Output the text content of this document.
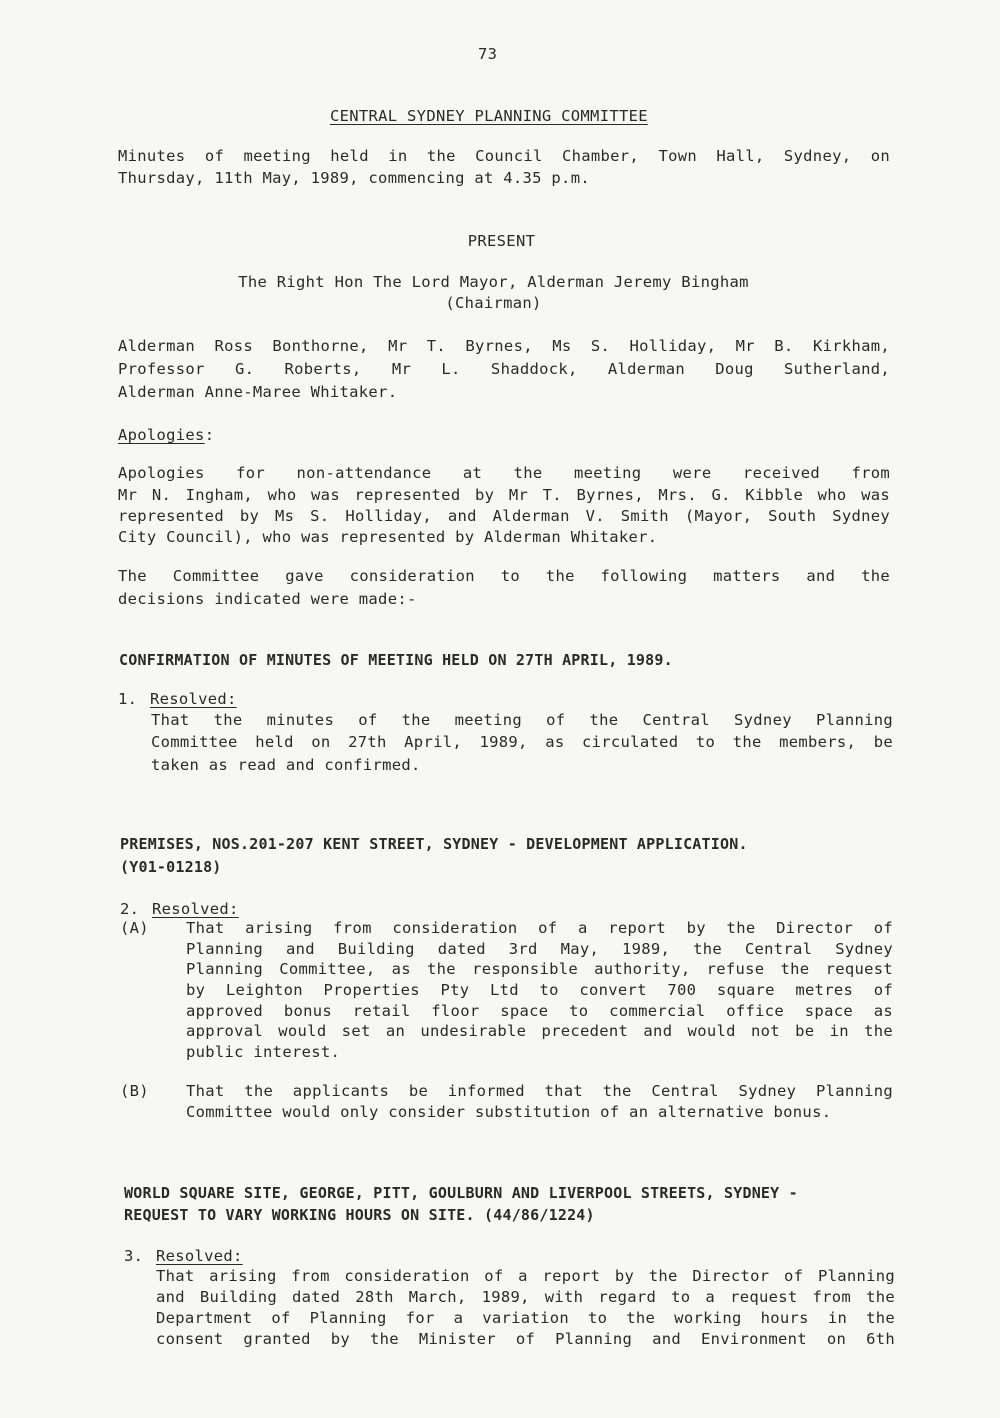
73
CENTRAL SYDNEY PLANNING COMMITTEE
Minutes of meeting held in the Council Chamber, Town Hall, Sydney, on
Thursday, 11th May, 1989, commencing at 4.35 p.m.
PRESENT
The Right Hon The Lord Mayor, Alderman Jeremy Bingham
(Chairman)
Alderman Ross Bonthorne, Mr T. Byrnes, Ms S. Holliday, Mr B. Kirkham,
Professor G. Roberts, Mr L. Shaddock, Alderman Doug Sutherland,
Alderman Anne-Maree Whitaker.
Apologies:
Apologies for non-attendance at the meeting were received from
Mr N. Ingham, who was represented by Mr T. Byrnes, Mrs. G. Kibble who was
represented by Ms S. Holliday, and Alderman V. Smith (Mayor, South Sydney
City Council), who was represented by Alderman Whitaker.
The Committee gave consideration to the following matters and the
decisions indicated were made:-
CONFIRMATION OF MINUTES OF MEETING HELD ON 27TH APRIL, 1989.
1. Resolved:
That the minutes of the meeting of the Central Sydney Planning
Committee held on 27th April, 1989, as circulated to the members, be
taken as read and confirmed.
PREMISES, NOS.201-207 KENT STREET, SYDNEY - DEVELOPMENT APPLICATION.
(Y01-01218)
2. Resolved:
(A) That arising from consideration of a report by the Director of
Planning and Building dated 3rd May, 1989, the Central Sydney
Planning Committee, as the responsible authority, refuse the request
by Leighton Properties Pty Ltd to convert 700 square metres of
approved bonus retail floor space to commercial office space as
approval would set an undesirable precedent and would not be in the
public interest.
(B) That the applicants be informed that the Central Sydney Planning
Committee would only consider substitution of an alternative bonus.
WORLD SQUARE SITE, GEORGE, PITT, GOULBURN AND LIVERPOOL STREETS, SYDNEY -
REQUEST TO VARY WORKING HOURS ON SITE. (44/86/1224)
3. Resolved:
That arising from consideration of a report by the Director of Planning
and Building dated 28th March, 1989, with regard to a request from the
Department of Planning for a variation to the working hours in the
consent granted by the Minister of Planning and Environment on 6th
